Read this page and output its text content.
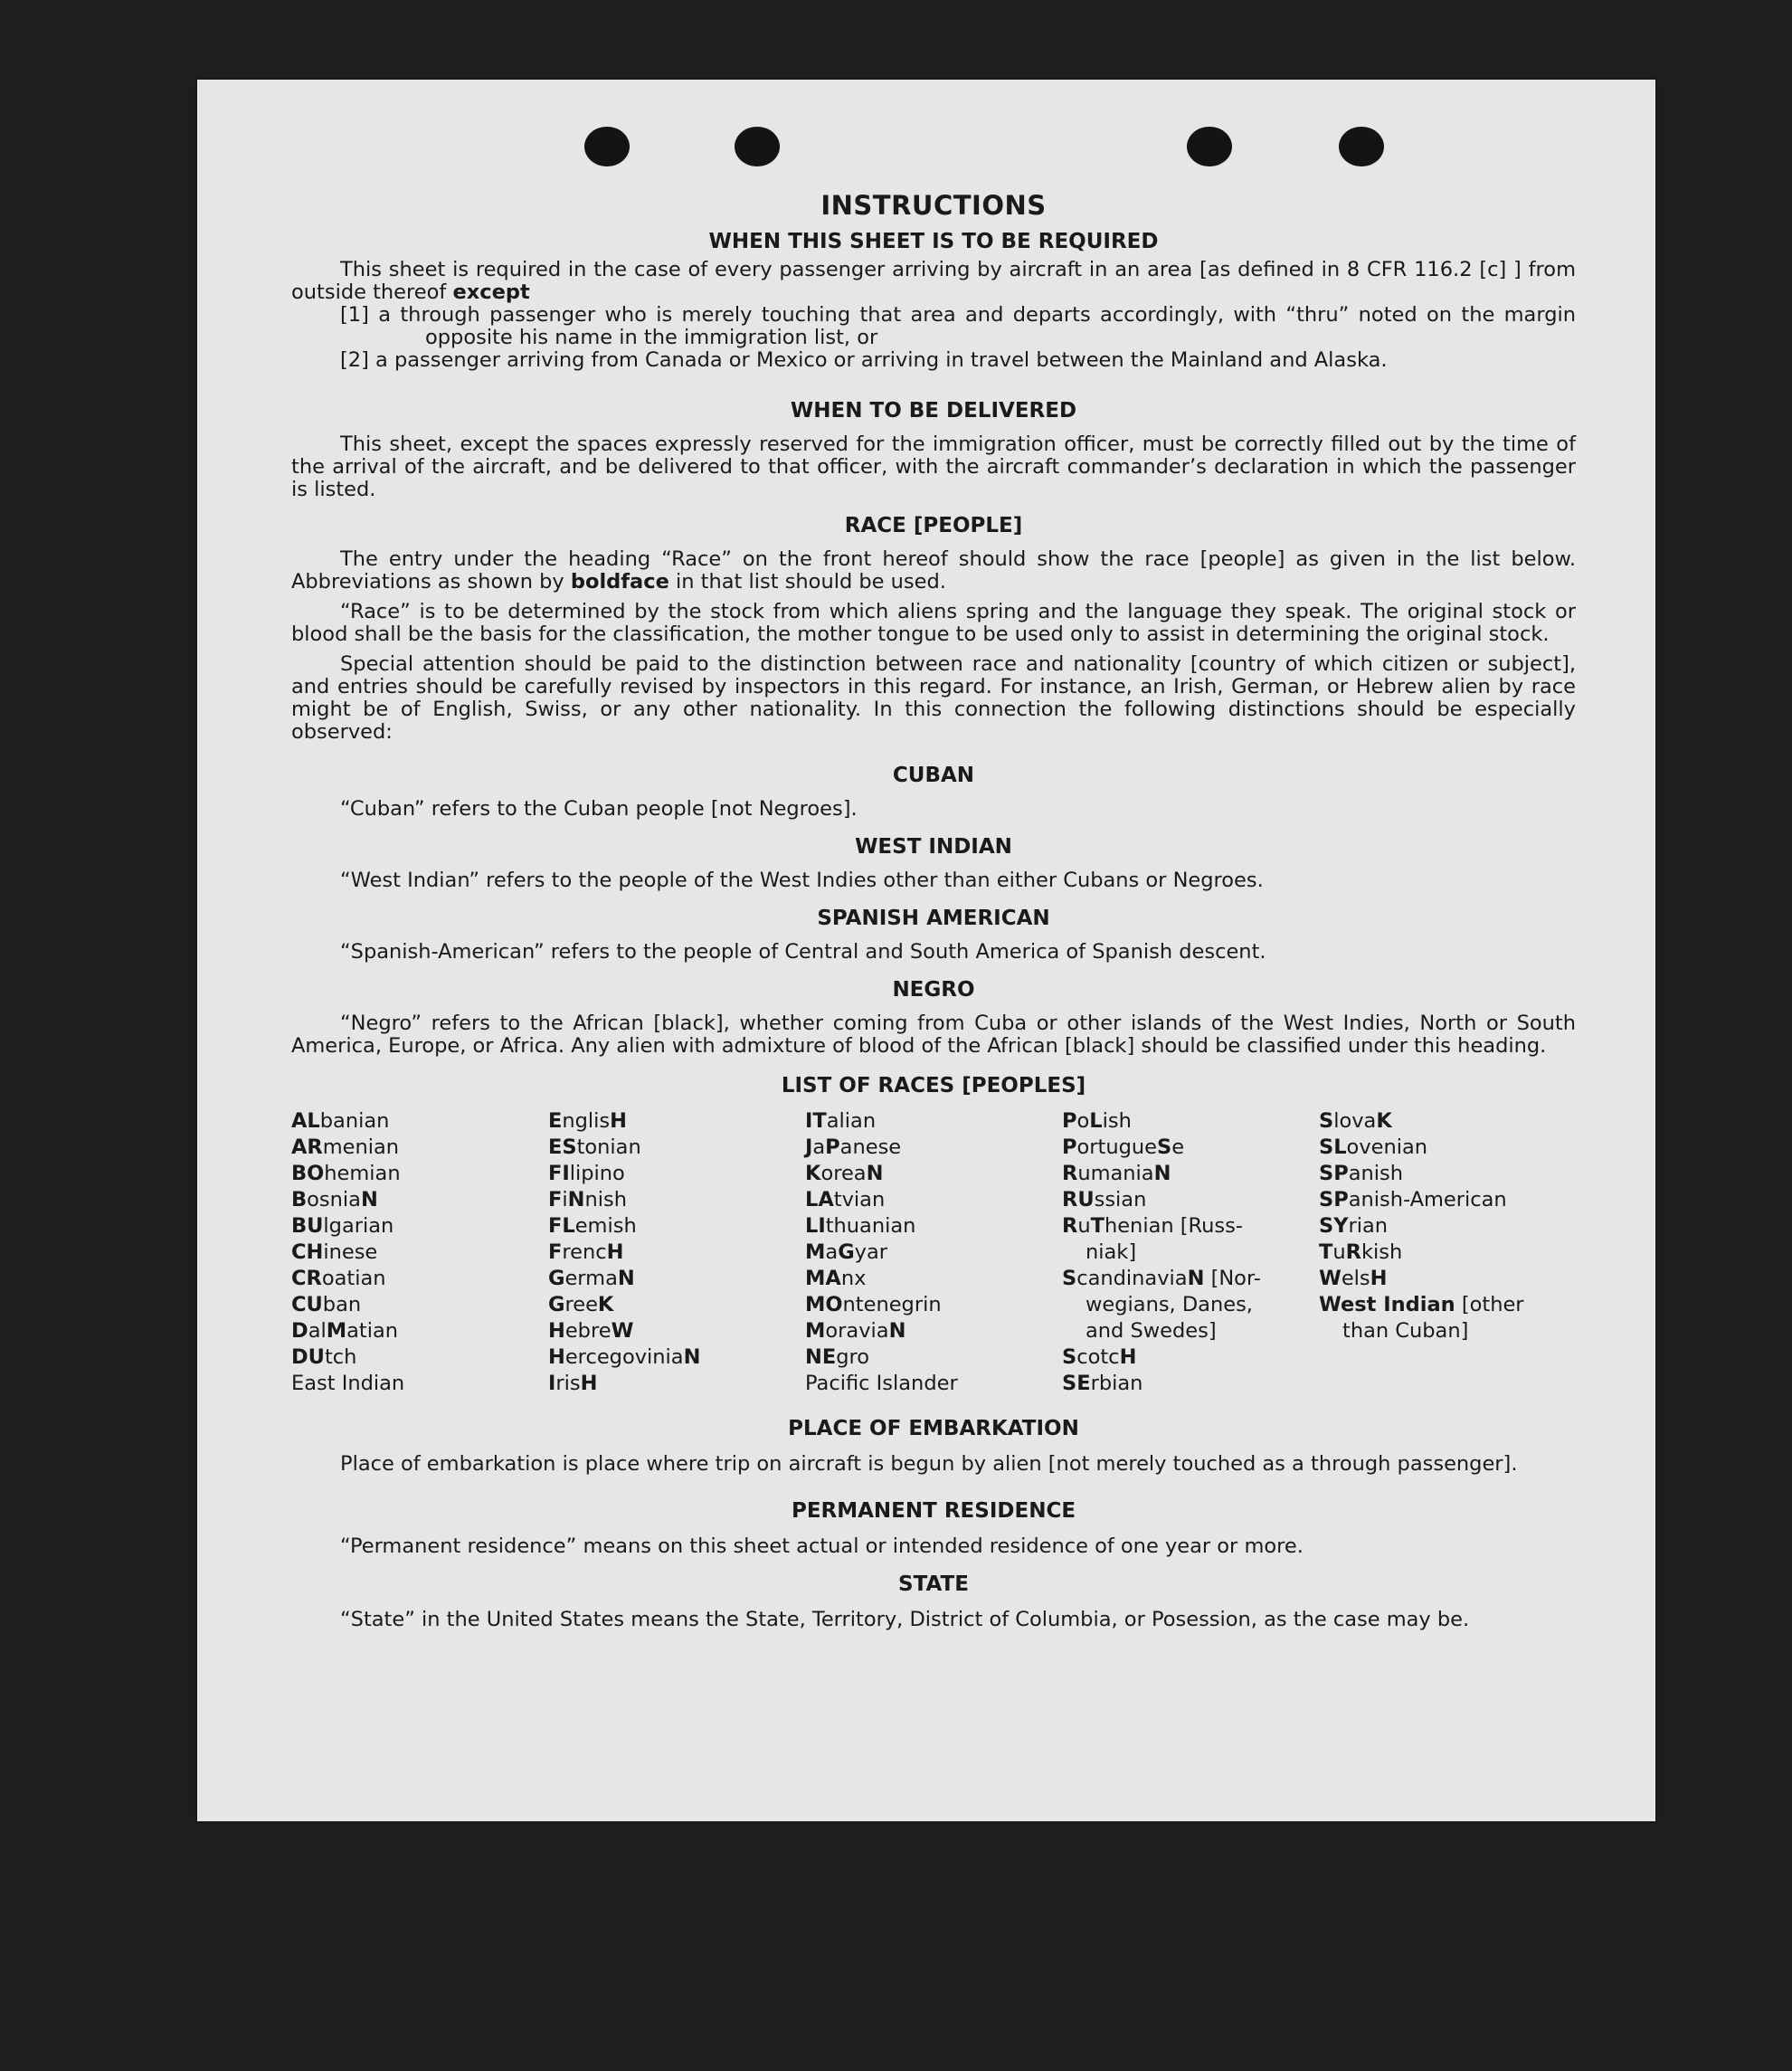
INSTRUCTIONS
WHEN THIS SHEET IS TO BE REQUIRED

This sheet is required in the case of every passenger arriving by aircraft in an area [as defined in 8 CFR 116.2 [c] ] from outside thereof except

[1] a through passenger who is merely touching that area and departs accordingly, with “thru” noted on the margin opposite his name in the immigration list, or

[2] a passenger arriving from Canada or Mexico or arriving in travel between the Mainland and Alaska.

WHEN TO BE DELIVERED

This sheet, except the spaces expressly reserved for the immigration officer, must be correctly filled out by the time of the arrival of the aircraft, and be delivered to that officer, with the aircraft commander’s declaration in which the passenger is listed.

RACE [PEOPLE]

The entry under the heading “Race” on the front hereof should show the race [people] as given in the list below. Abbreviations as shown by boldface in that list should be used.

“Race” is to be determined by the stock from which aliens spring and the language they speak. The original stock or blood shall be the basis for the classification, the mother tongue to be used only to assist in determining the original stock.

Special attention should be paid to the distinction between race and nationality [country of which citizen or subject], and entries should be carefully revised by inspectors in this regard. For instance, an Irish, German, or Hebrew alien by race might be of English, Swiss, or any other nationality. In this connection the following distinctions should be especially observed:

CUBAN

“Cuban” refers to the Cuban people [not Negroes].

WEST INDIAN

“West Indian” refers to the people of the West Indies other than either Cubans or Negroes.

SPANISH AMERICAN

“Spanish-American” refers to the people of Central and South America of Spanish descent.

NEGRO

“Negro” refers to the African [black], whether coming from Cuba or other islands of the West Indies, North or South America, Europe, or Africa. Any alien with admixture of blood of the African [black] should be classified under this heading.

LIST OF RACES [PEOPLES]
ALbanian
ARmenian
BOhemian
BosniaN
BUlgarian
CHinese
CRoatian
CUban
DalMatian
DUtch
East Indian
EnglisH
EStonian
FIlipino
FiNnish
FLemish
FrencH
GermaN
GreeK
HebreW
HercegoviniaN
IrisH
ITalian
JaPanese
KoreaN
LAtvian
LIthuanian
MaGyar
MAnx
MOntenegrin
MoraviaN
NEgro
Pacific Islander
PoLish
PortugueSe
RumaniaN
RUssian
RuThenian [Russ-
niak]
ScandinaviaN [Nor-
wegians, Danes,
and Swedes]
ScotcH
SErbian
SlovaK
SLovenian
SPanish
SPanish-American
SYrian
TuRkish
WelsH
West Indian [other
than Cuban]
PLACE OF EMBARKATION

Place of embarkation is place where trip on aircraft is begun by alien [not merely touched as a through passenger].

PERMANENT RESIDENCE

“Permanent residence” means on this sheet actual or intended residence of one year or more.

STATE

“State” in the United States means the State, Territory, District of Columbia, or Posession, as the case may be.
